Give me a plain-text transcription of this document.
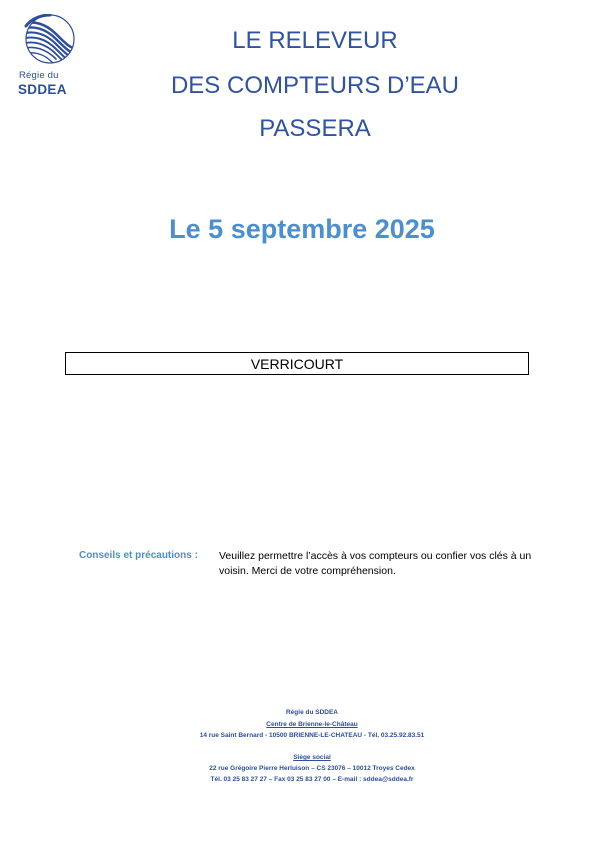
Régie du
SDDEA
LE RELEVEUR
DES COMPTEURS D’EAU
PASSERA
Le 5 septembre 2025
VERRICOURT
Conseils et précautions : Veuillez permettre l’accès à vos compteurs ou confier vos clés à un voisin. Merci de votre compréhension.
Régie du SDDEA
Centre de Brienne-le-Château
14 rue Saint Bernard - 10500 BRIENNE-LE-CHATEAU - Tél. 03.25.92.83.51
Siège social
22 rue Grégoire Pierre Herluison – CS 23076 – 10012 Troyes Cedex
Tél. 03 25 83 27 27 – Fax 03 25 83 27 00 – E-mail : sddea@sddea.fr
